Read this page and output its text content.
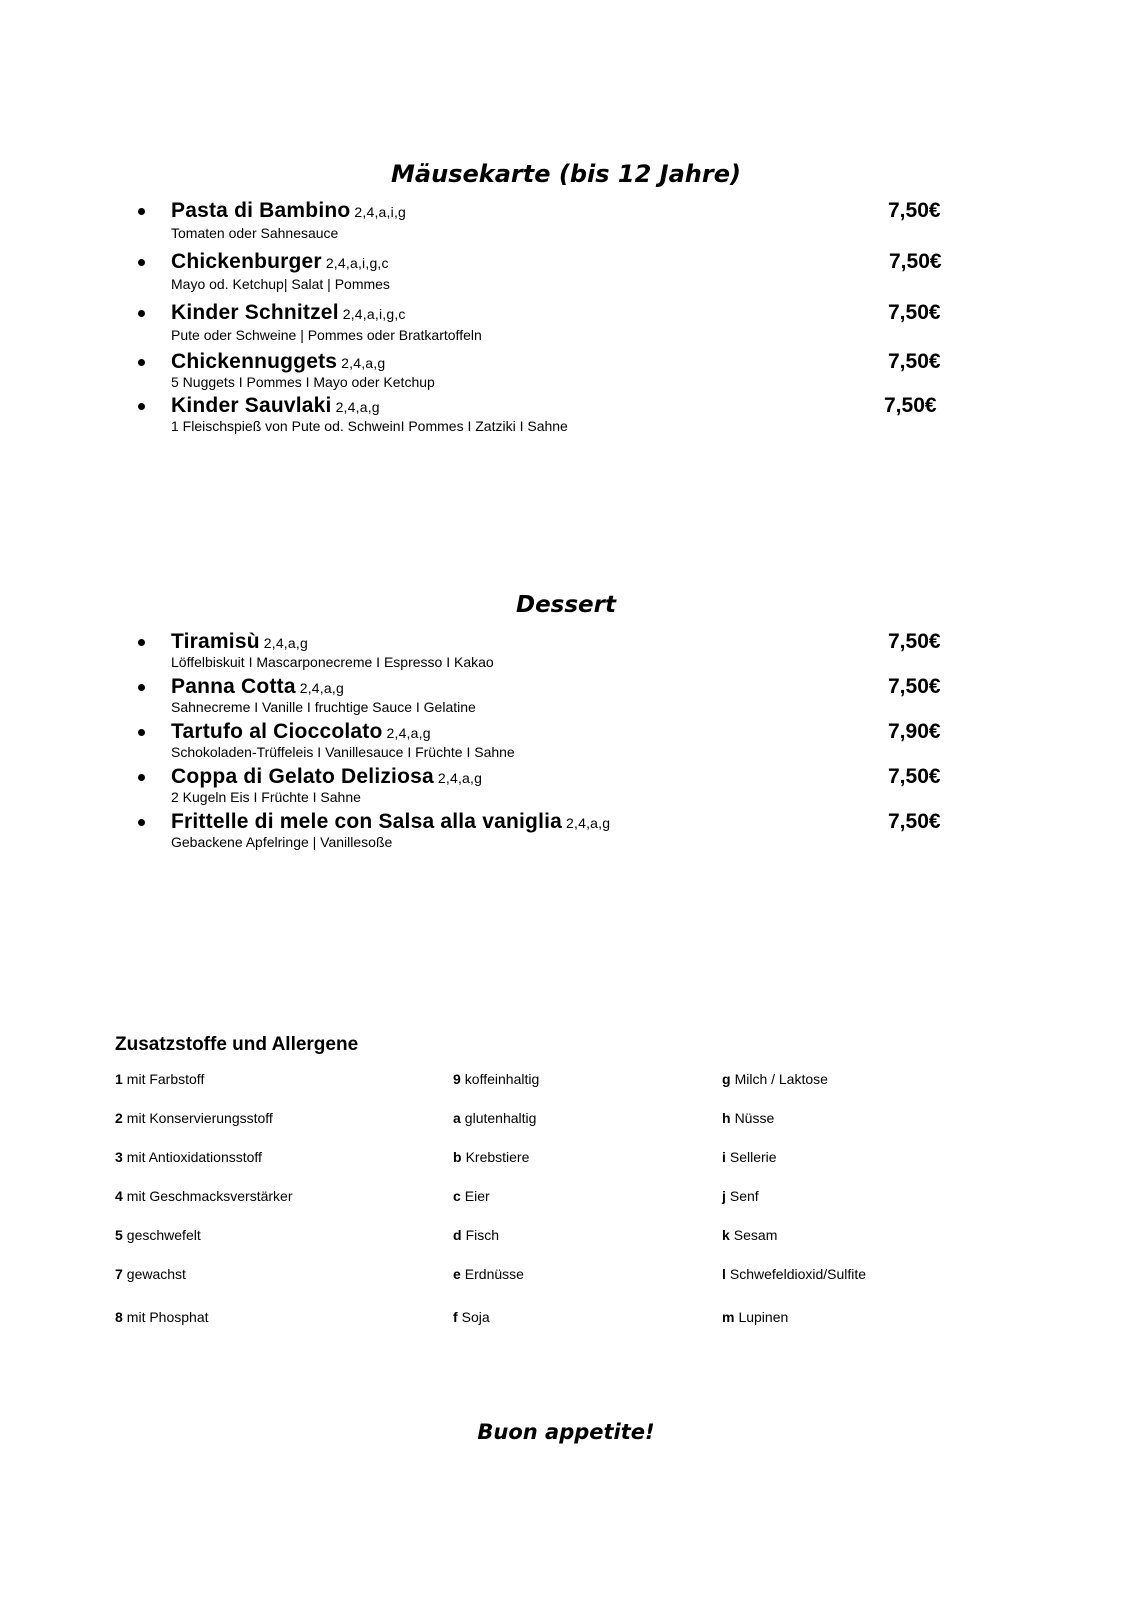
Mäusekarte (bis 12 Jahre)
Pasta di Bambino 2,4,a,i,g
Tomaten oder Sahnesauce
7,50€
Chickenburger 2,4,a,i,g,c
Mayo od. Ketchup| Salat | Pommes
7,50€
Kinder Schnitzel 2,4,a,i,g,c
Pute oder Schweine | Pommes oder Bratkartoffeln
7,50€
Chickennuggets 2,4,a,g
5 Nuggets I Pommes I Mayo oder Ketchup
7,50€
Kinder Sauvlaki 2,4,a,g
1 Fleischspieß von Pute od. SchweinI Pommes I Zatziki I Sahne
7,50€
Dessert
Tiramisù 2,4,a,g
Löffelbiskuit I Mascarponecreme I Espresso I Kakao
7,50€
Panna Cotta 2,4,a,g
Sahnecreme I Vanille I fruchtige Sauce I Gelatine
7,50€
Tartufo al Cioccolato 2,4,a,g
Schokoladen-Trüffeleis I Vanillesauce I Früchte I Sahne
7,90€
Coppa di Gelato Deliziosa 2,4,a,g
2 Kugeln Eis I Früchte I Sahne
7,50€
Frittelle di mele con Salsa alla vaniglia 2,4,a,g
Gebackene Apfelringe | Vanillesoße
7,50€
Zusatzstoffe und Allergene
1 mit Farbstoff
2 mit Konservierungsstoff
3 mit Antioxidationsstoff
4 mit Geschmacksverstärker
5 geschwefelt
7 gewachst
8 mit Phosphat
9 koffeinhaltig
a glutenhaltig
b Krebstiere
c Eier
d Fisch
e Erdnüsse
f Soja
g Milch / Laktose
h Nüsse
i Sellerie
j Senf
k Sesam
l Schwefeldioxid/Sulfite
m Lupinen
Buon appetite!
